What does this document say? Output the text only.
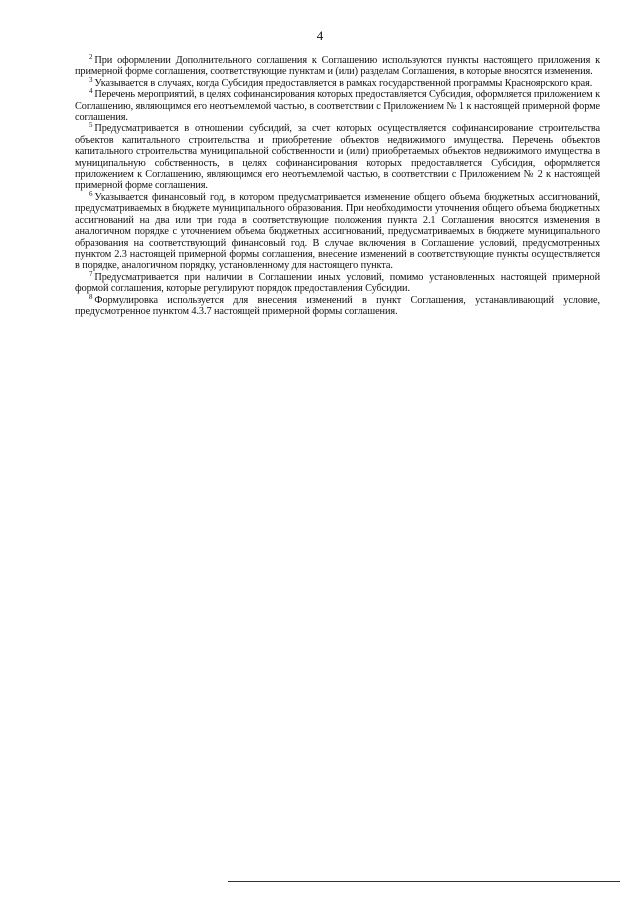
4

$^2$ При оформлении Дополнительного соглашения к Соглашению используются пункты настоящего приложения к примерной форме соглашения, соответствующие пунктам и (или) разделам Соглашения, в которые вносятся изменения.

$^3$ Указывается в случаях, когда Субсидия предоставляется в рамках государственной программы Красноярского края.

$^4$ Перечень мероприятий, в целях софинансирования которых предоставляется Субсидия, оформляется приложением к Соглашению, являющимся его неотъемлемой частью, в соответствии с Приложением № 1 к настоящей примерной форме соглашения.

$^5$ Предусматривается в отношении субсидий, за счет которых осуществляется софинансирование строительства объектов капитального строительства и приобретение объектов недвижимого имущества. Перечень объектов капитального строительства муниципальной собственности и (или) приобретаемых объектов недвижимого имущества в муниципальную собственность, в целях софинансирования которых предоставляется Субсидия, оформляется приложением к Соглашению, являющимся его неотъемлемой частью, в соответствии с Приложением № 2 к настоящей примерной форме соглашения.

$^6$ Указывается финансовый год, в котором предусматривается изменение общего объема бюджетных ассигнований, предусматриваемых в бюджете муниципального образования. При необходимости уточнения общего объема бюджетных ассигнований на два или три года в соответствующие положения пункта 2.1 Соглашения вносятся изменения в аналогичном порядке с уточнением объема бюджетных ассигнований, предусматриваемых в бюджете муниципального образования на соответствующий финансовый год. В случае включения в Соглашение условий, предусмотренных пунктом 2.3 настоящей примерной формы соглашения, внесение изменений в соответствующие пункты осуществляется в порядке, аналогичном порядку, установленному для настоящего пункта.

$^7$ Предусматривается при наличии в Соглашении иных условий, помимо установленных настоящей примерной формой соглашения, которые регулируют порядок предоставления Субсидии.

$^8$ Формулировка используется для внесения изменений в пункт Соглашения, устанавливающий условие, предусмотренное пунктом 4.3.7 настоящей примерной формы соглашения.
